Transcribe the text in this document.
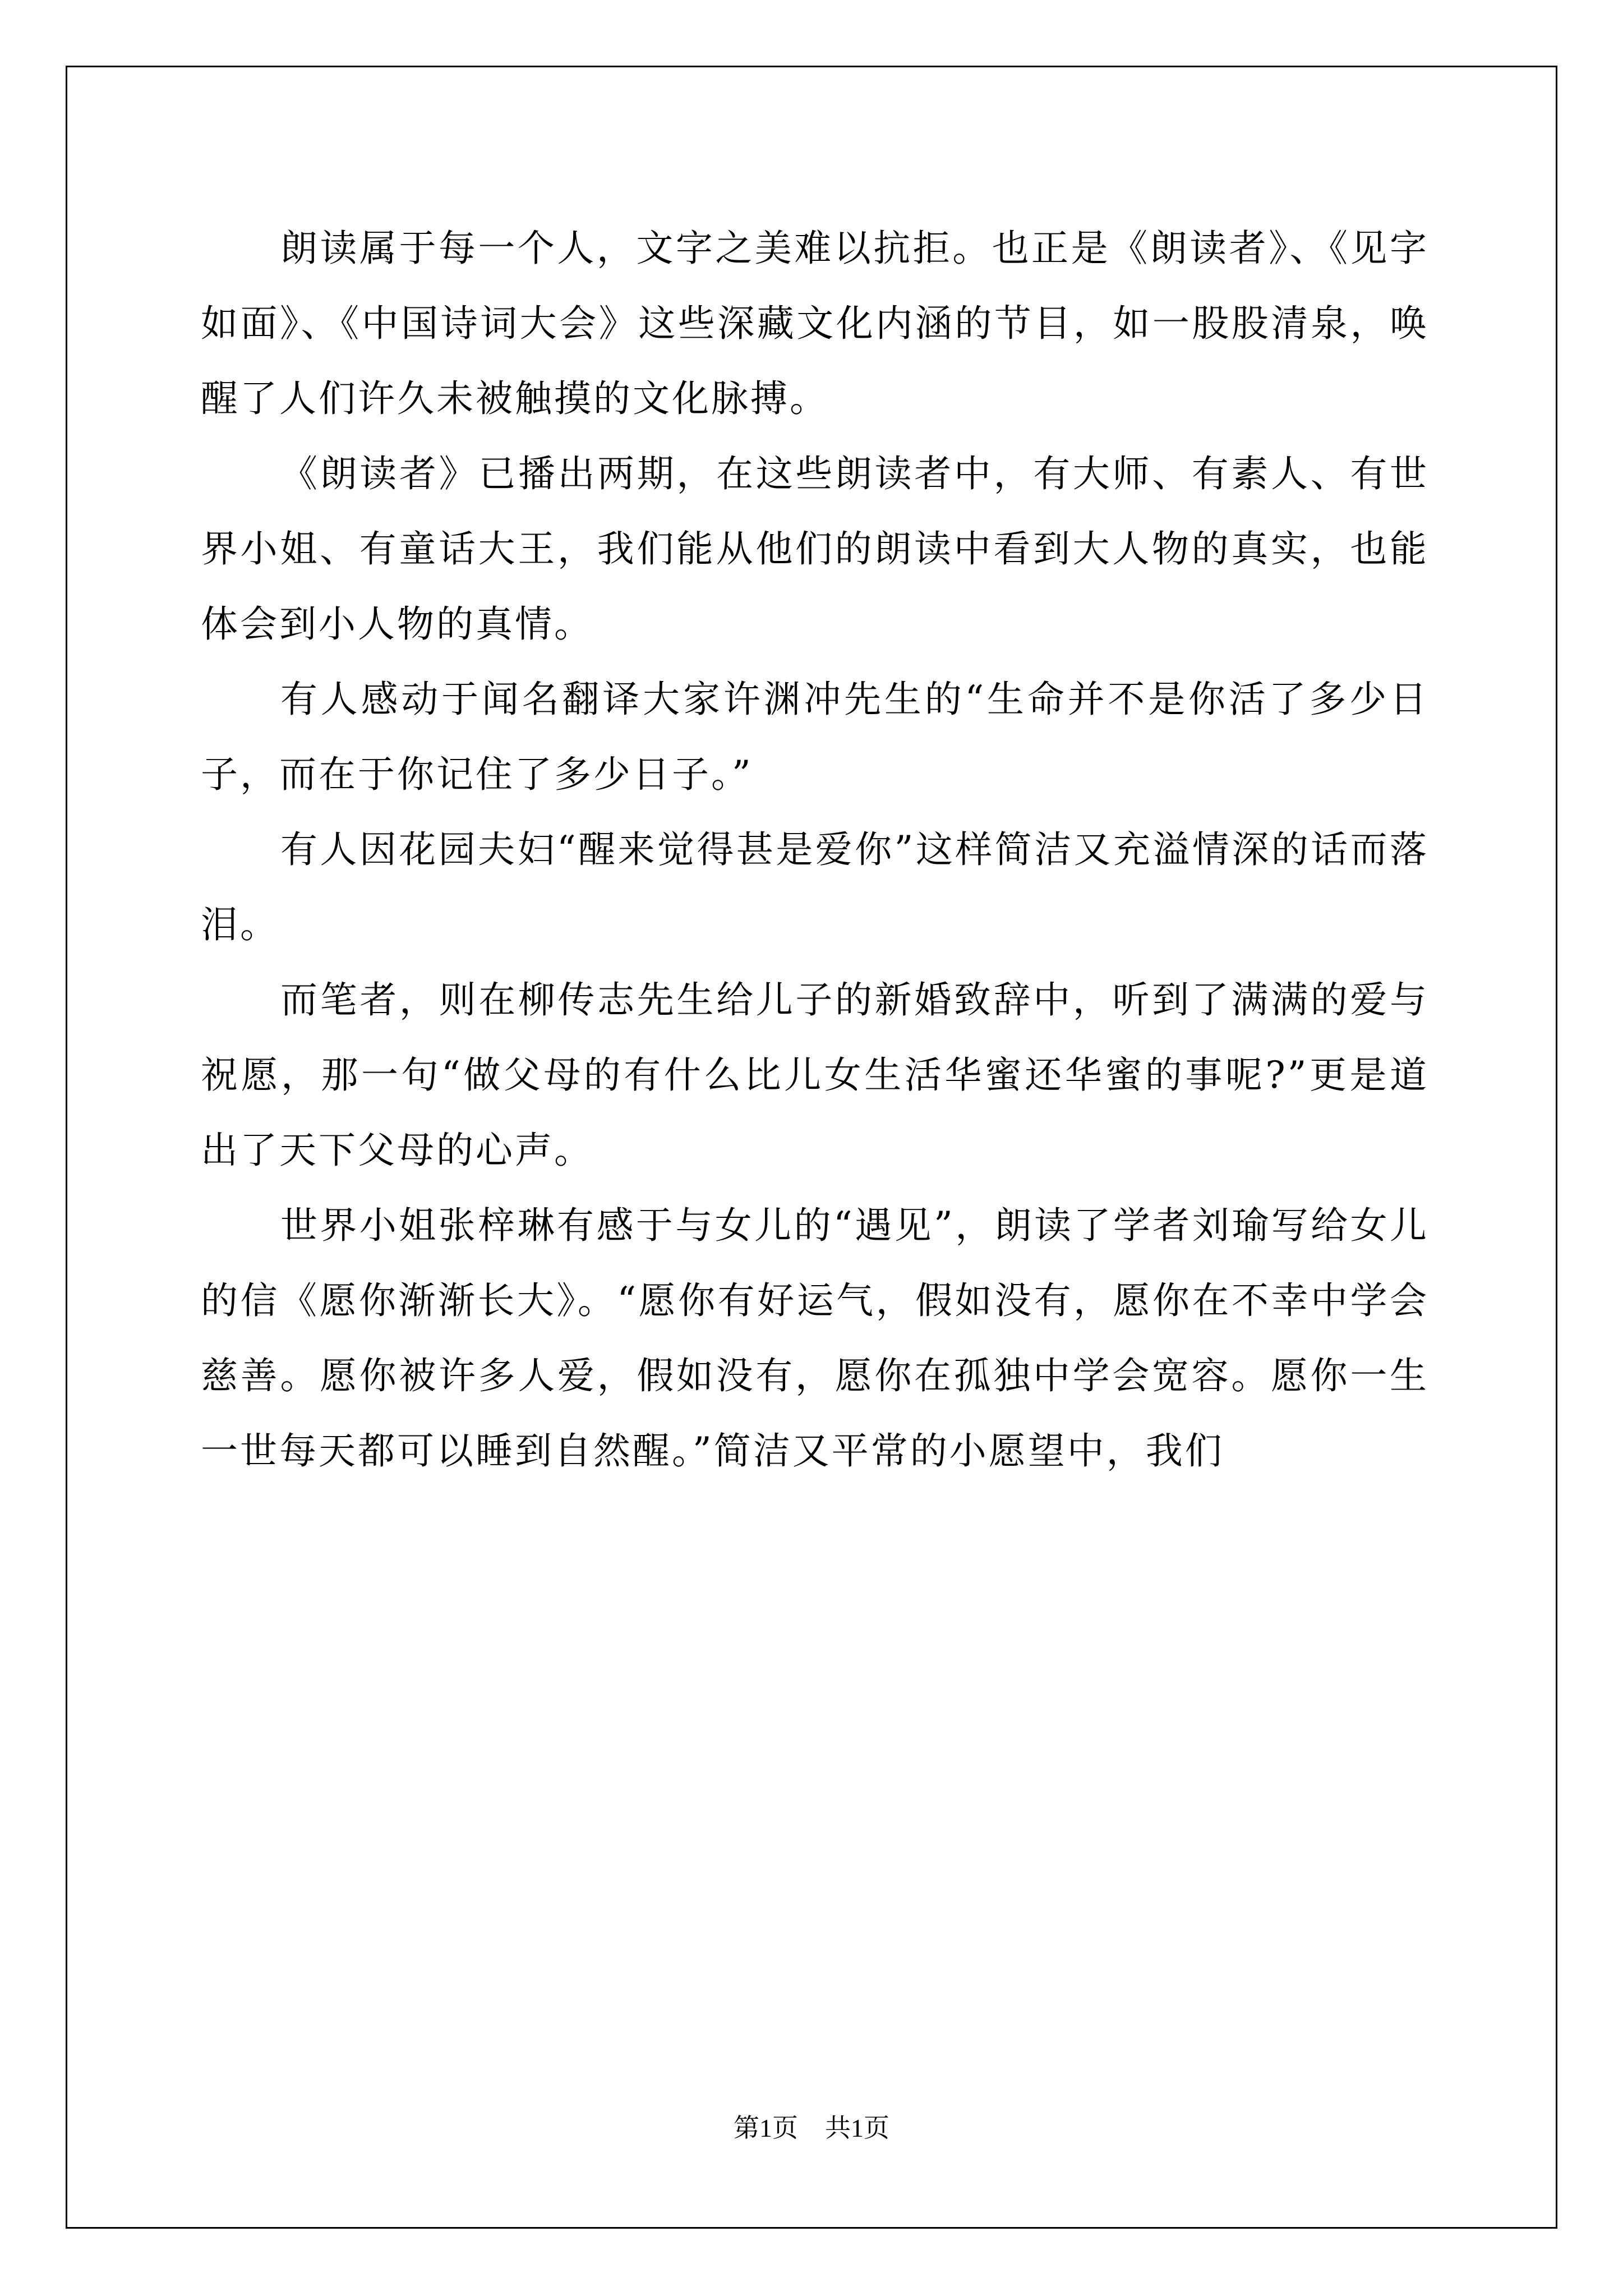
朗读属于每一个人，文字之美难以抗拒。也正是《朗读者》、《见字如面》、《中国诗词大会》这些深藏文化内涵的节目，如一股股清泉，唤醒了人们许久未被触摸的文化脉搏。

《朗读者》已播出两期，在这些朗读者中，有大师、有素人、有世界小姐、有童话大王，我们能从他们的朗读中看到大人物的真实，也能体会到小人物的真情。

有人感动于闻名翻译大家许渊冲先生的“生命并不是你活了多少日子，而在于你记住了多少日子。”

有人因花园夫妇“醒来觉得甚是爱你”这样简洁又充溢情深的话而落泪。

而笔者，则在柳传志先生给儿子的新婚致辞中，听到了满满的爱与祝愿，那一句“做父母的有什么比儿女生活华蜜还华蜜的事呢?”更是道出了天下父母的心声。

世界小姐张梓琳有感于与女儿的“遇见”，朗读了学者刘瑜写给女儿的信《愿你渐渐长大》。“愿你有好运气，假如没有，愿你在不幸中学会慈善。愿你被许多人爱，假如没有，愿你在孤独中学会宽容。愿你一生一世每天都可以睡到自然醒。”简洁又平常的小愿望中，我们

第1页 共1页
